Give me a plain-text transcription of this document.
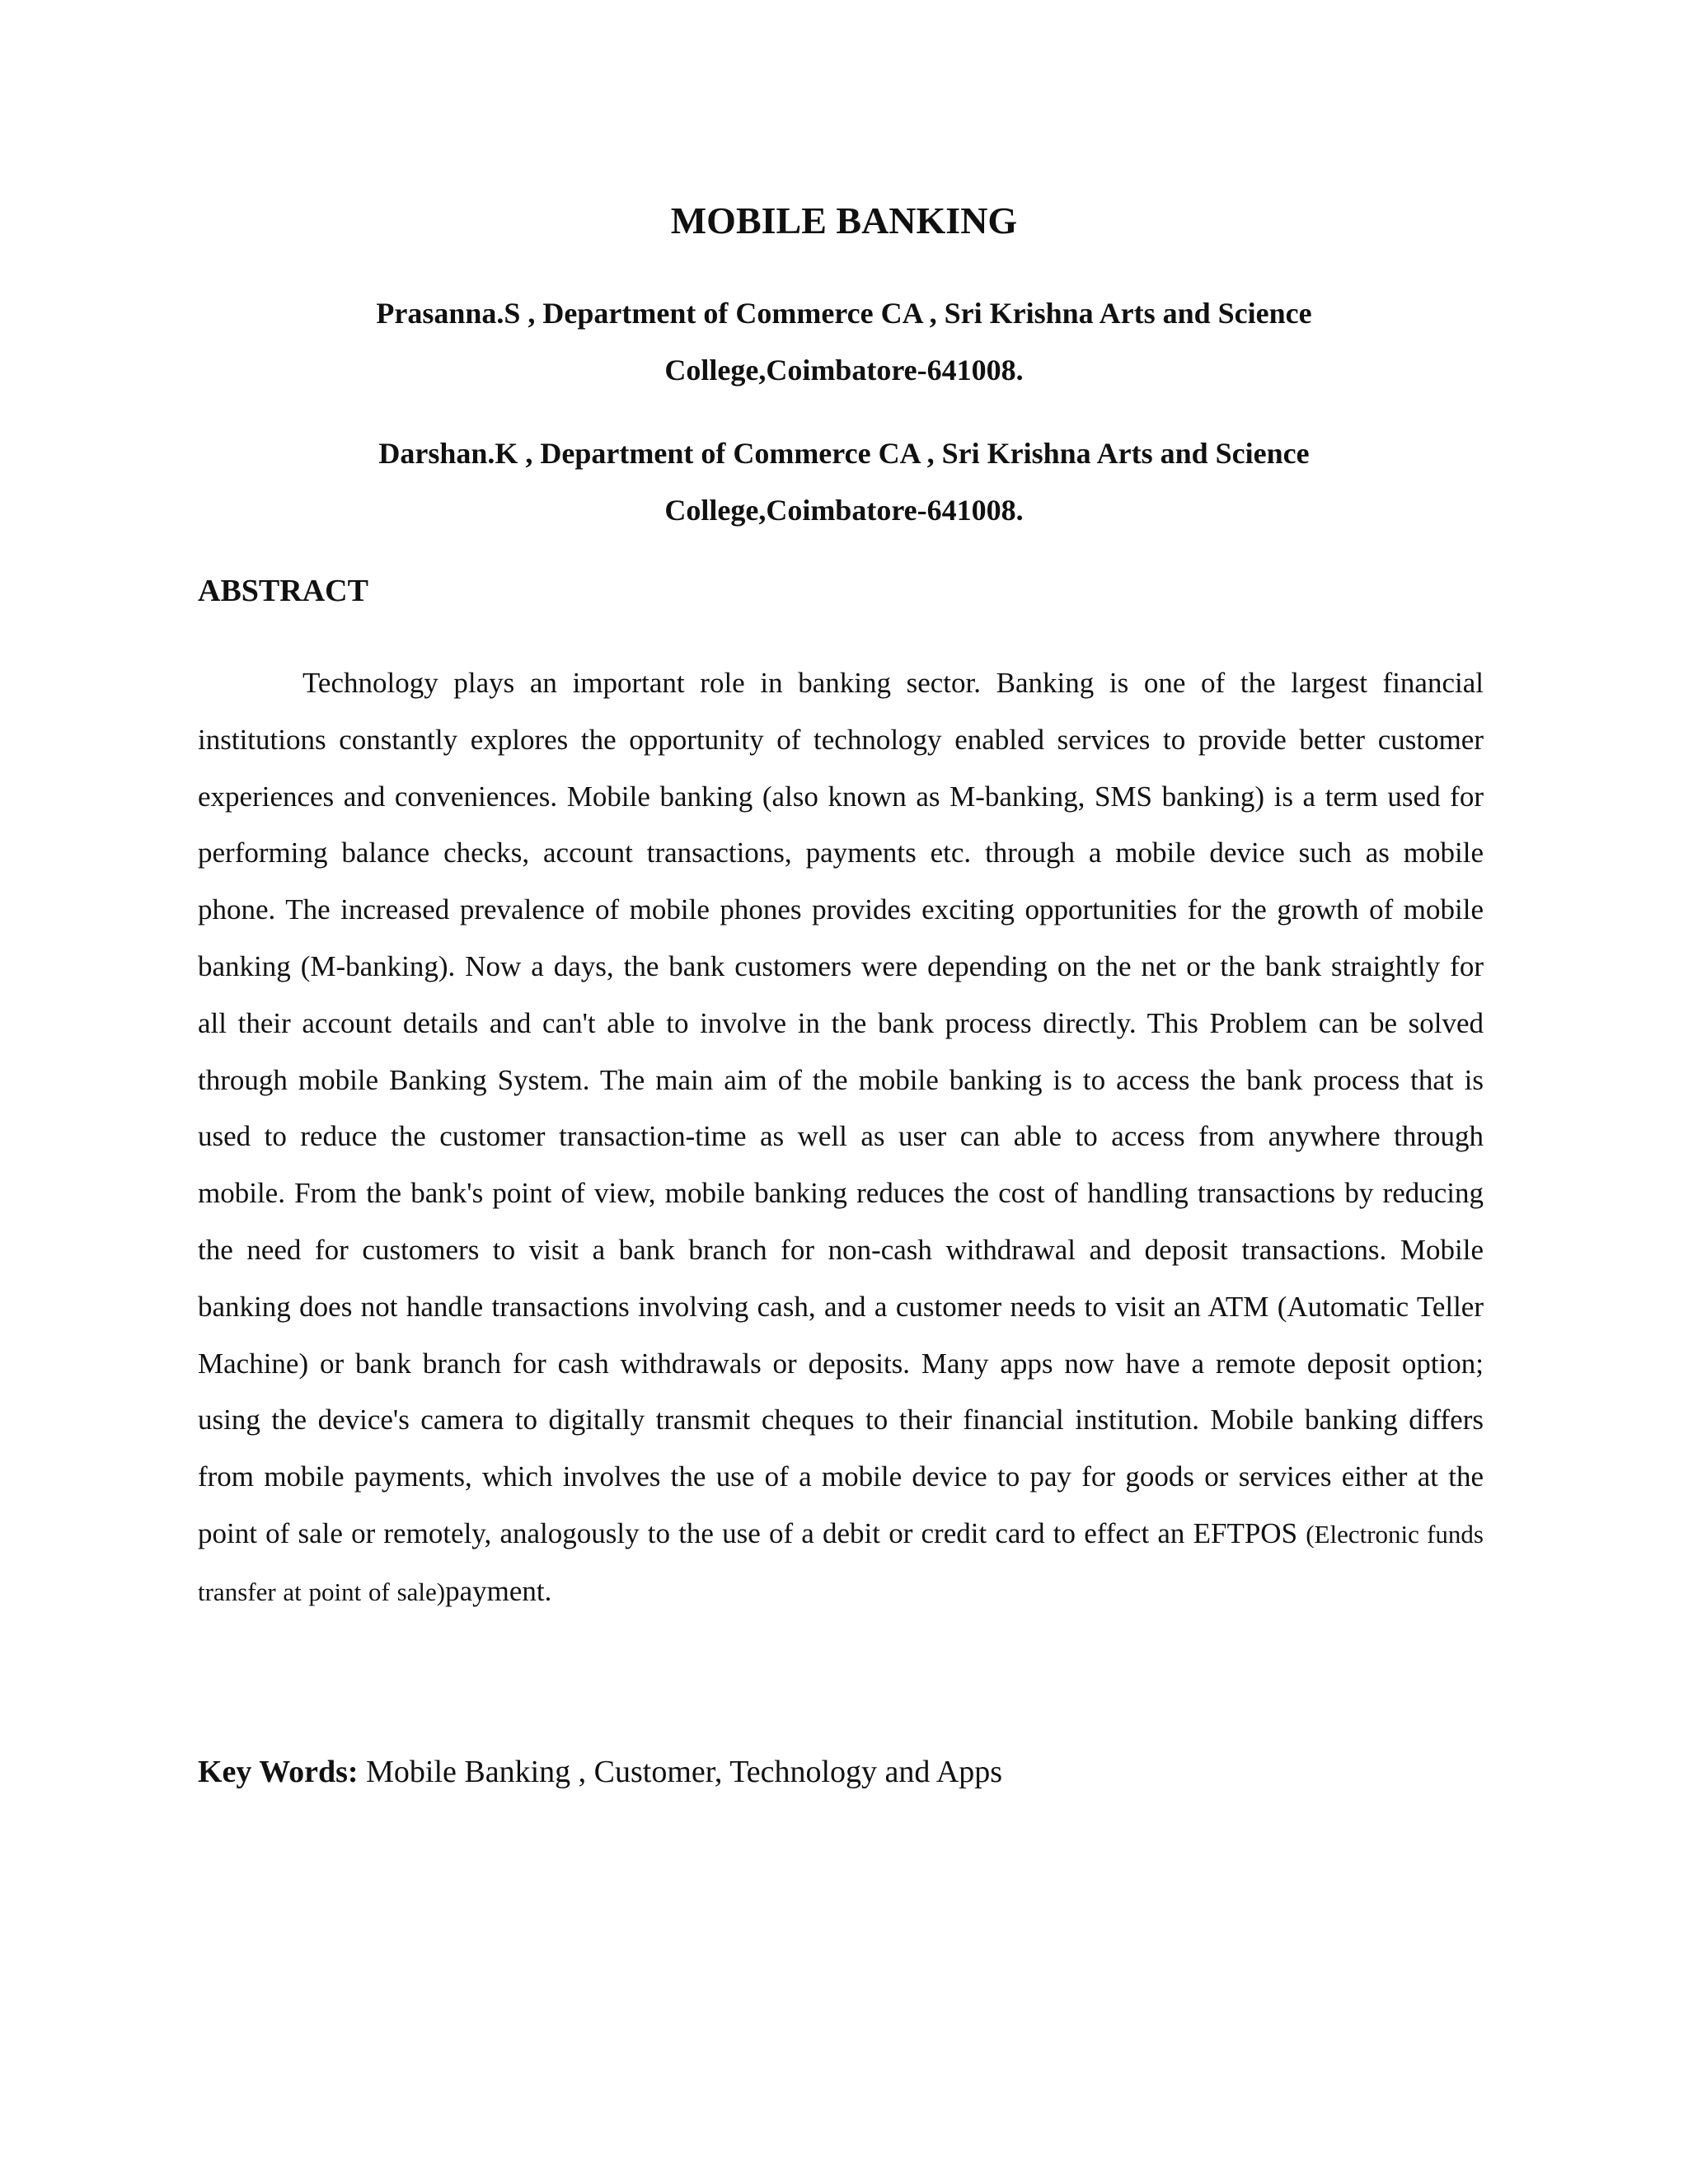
MOBILE BANKING

Prasanna.S , Department of Commerce CA , Sri Krishna Arts and Science
College,Coimbatore-641008.

Darshan.K , Department of Commerce CA , Sri Krishna Arts and Science
College,Coimbatore-641008.

ABSTRACT

Technology plays an important role in banking sector. Banking is one of the largest financial institutions constantly explores the opportunity of technology enabled services to provide better customer experiences and conveniences. Mobile banking (also known as M-banking, SMS banking) is a term used for performing balance checks, account transactions, payments etc. through a mobile device such as mobile phone. The increased prevalence of mobile phones provides exciting opportunities for the growth of mobile banking (M-banking). Now a days, the bank customers were depending on the net or the bank straightly for all their account details and can't able to involve in the bank process directly. This Problem can be solved through mobile Banking System. The main aim of the mobile banking is to access the bank process that is used to reduce the customer transaction-time as well as user can able to access from anywhere through mobile. From the bank's point of view, mobile banking reduces the cost of handling transactions by reducing the need for customers to visit a bank branch for non-cash withdrawal and deposit transactions. Mobile banking does not handle transactions involving cash, and a customer needs to visit an ATM (Automatic Teller Machine) or bank branch for cash withdrawals or deposits. Many apps now have a remote deposit option; using the device's camera to digitally transmit cheques to their financial institution. Mobile banking differs from mobile payments, which involves the use of a mobile device to pay for goods or services either at the point of sale or remotely, analogously to the use of a debit or credit card to effect an EFTPOS (Electronic funds transfer at point of sale)payment.

Key Words: Mobile Banking , Customer, Technology and Apps
